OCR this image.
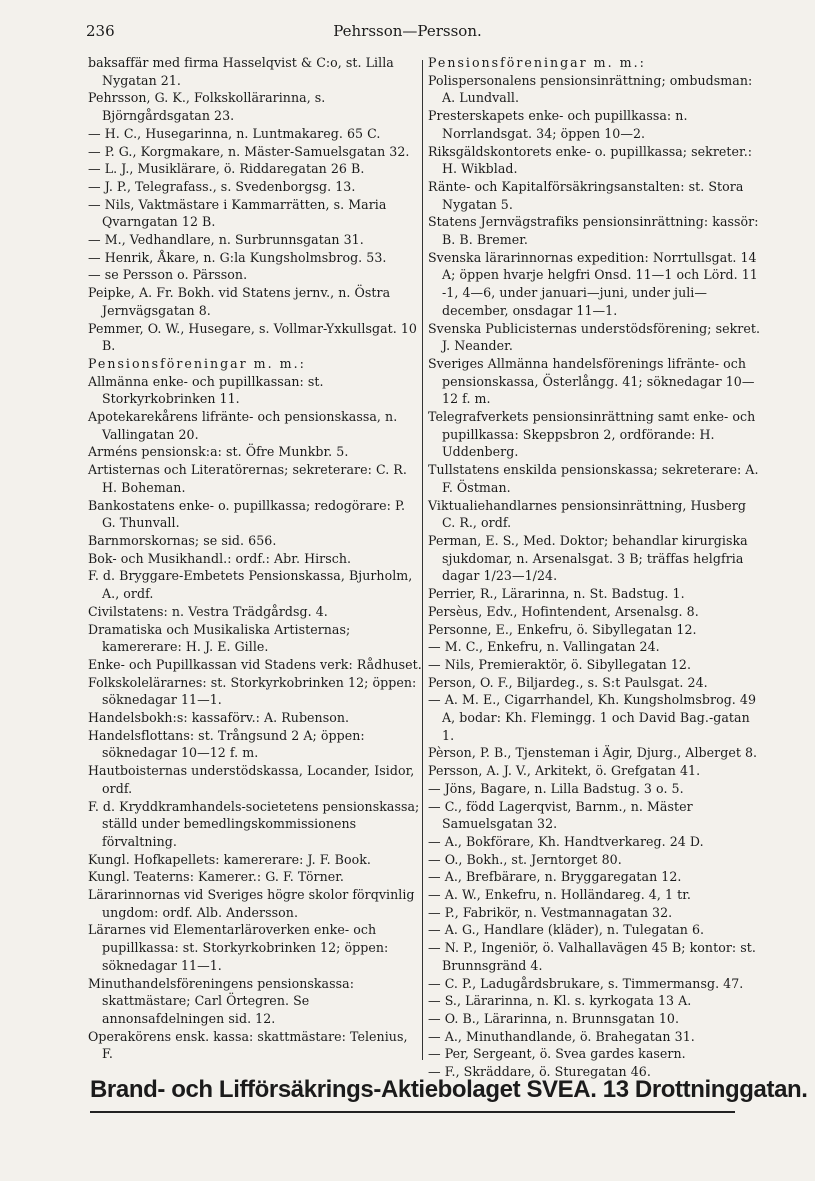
Pehrsson—Persson.
236
baksaffär med firma Hasselqvist & C:o, st. Lilla Nygatan 21.
Pehrsson, G. K., Folkskollärarinna, s. Björngårdsgatan 23.
— H. C., Husegarinna, n. Luntmakareg. 65 C.
— P. G., Korgmakare, n. Mäster-Samuelsgatan 32.
— L. J., Musiklärare, ö. Riddaregatan 26 B.
— J. P., Telegrafass., s. Svedenborgsg. 13.
— Nils, Vaktmästare i Kammarrätten, s. Maria Qvarngatan 12 B.
— M., Vedhandlare, n. Surbrunnsgatan 31.
— Henrik, Åkare, n. G:la Kungsholmsbrog. 53.
— se Persson o. Pärsson.
Peipke, A. Fr. Bokh. vid Statens jernv., n. Östra Jernvägsgatan 8.
Pemmer, O. W., Husegare, s. Vollmar-Yxkullsgat. 10 B.
Pensionsföreningar m. m.:
Allmänna enke- och pupillkassan: st. Storkyrkobrinken 11.
Apotekarekårens lifränte- och pensionskassa, n. Vallingatan 20.
Arméns pensionsk:a: st. Öfre Munkbr. 5.
Artisternas och Literatörernas; sekreterare: C. R. H. Boheman.
Bankostatens enke- o. pupillkassa; redogörare: P. G. Thunvall.
Barnmorskornas; se sid. 656.
Bok- och Musikhandl.: ordf.: Abr. Hirsch.
F. d. Bryggare-Embetets Pensionskassa, Bjurholm, A., ordf.
Civilstatens: n. Vestra Trädgårdsg. 4.
Dramatiska och Musikaliska Artisternas; kamererare: H. J. E. Gille.
Enke- och Pupillkassan vid Stadens verk: Rådhuset.
Folkskolelärarnes: st. Storkyrkobrinken 12; öppen: söknedagar 11—1.
Handelsbokh:s: kassaförv.: A. Rubenson.
Handelsflottans: st. Trångsund 2 A; öppen: söknedagar 10—12 f. m.
Hautboisternas understödskassa, Locander, Isidor, ordf.
F. d. Kryddkramhandels-societetens pensionskassa; ställd under bemedlingskommissionens förvaltning.
Kungl. Hofkapellets: kamererare: J. F. Book.
Kungl. Teaterns: Kamerer.: G. F. Törner.
Lärarinnornas vid Sveriges högre skolor förqvinlig ungdom: ordf. Alb. Andersson.
Lärarnes vid Elementarläroverken enke- och pupillkassa: st. Storkyrkobrinken 12; öppen: söknedagar 11—1.
Minuthandelsföreningens pensionskassa: skattmästare; Carl Örtegren. Se annonsafdelningen sid. 12.
Operakörens ensk. kassa: skattmästare: Telenius, F.
Pensionsföreningar m. m.:
Polispersonalens pensionsinrättning; ombudsman: A. Lundvall.
Presterskapets enke- och pupillkassa: n. Norrlandsgat. 34; öppen 10—2.
Riksgäldskontorets enke- o. pupillkassa; sekreter.: H. Wikblad.
Ränte- och Kapitalförsäkringsanstalten: st. Stora Nygatan 5.
Statens Jernvägstrafiks pensionsinrättning: kassör: B. B. Bremer.
Svenska lärarinnornas expedition: Norrtullsgat. 14 A; öppen hvarje helgfri Onsd. 11—1 och Lörd. 11 -1, 4—6, under januari—juni, under juli—december, onsdagar 11—1.
Svenska Publicisternas understödsförening; sekret. J. Neander.
Sveriges Allmänna handelsförenings lifränte- och pensionskassa, Österlångg. 41; söknedagar 10—12 f. m.
Telegrafverkets pensionsinrättning samt enke- och pupillkassa: Skeppsbron 2, ordförande: H. Uddenberg.
Tullstatens enskilda pensionskassa; sekreterare: A. F. Östman.
Viktualiehandlarnes pensionsinrättning, Husberg C. R., ordf.
Perman, E. S., Med. Doktor; behandlar kirurgiska sjukdomar, n. Arsenalsgat. 3 B; träffas helgfria dagar 1/23—1/24.
Perrier, R., Lärarinna, n. St. Badstug. 1.
Persèus, Edv., Hofintendent, Arsenalsg. 8.
Personne, E., Enkefru, ö. Sibyllegatan 12.
— M. C., Enkefru, n. Vallingatan 24.
— Nils, Premieraktör, ö. Sibyllegatan 12.
Person, O. F., Biljardeg., s. S:t Paulsgat. 24.
— A. M. E., Cigarrhandel, Kh. Kungsholmsbrog. 49 A, bodar: Kh. Flemingg. 1 och David Bag.-gatan 1.
Pèrson, P. B., Tjensteman i Ägir, Djurg., Alberget 8.
Persson, A. J. V., Arkitekt, ö. Grefgatan 41.
— Jöns, Bagare, n. Lilla Badstug. 3 o. 5.
— C., född Lagerqvist, Barnm., n. Mäster Samuelsgatan 32.
— A., Bokförare, Kh. Handtverkareg. 24 D.
— O., Bokh., st. Jerntorget 80.
— A., Brefbärare, n. Bryggaregatan 12.
— A. W., Enkefru, n. Holländareg. 4, 1 tr.
— P., Fabrikör, n. Vestmannagatan 32.
— A. G., Handlare (kläder), n. Tulegatan 6.
— N. P., Ingeniör, ö. Valhallavägen 45 B; kontor: st. Brunnsgränd 4.
— C. P., Ladugårdsbrukare, s. Timmermansg. 47.
— S., Lärarinna, n. Kl. s. kyrkogata 13 A.
— O. B., Lärarinna, n. Brunnsgatan 10.
— A., Minuthandlande, ö. Brahegatan 31.
— Per, Sergeant, ö. Svea gardes kasern.
— F., Skräddare, ö. Sturegatan 46.
Brand- och Lifförsäkrings-Aktiebolaget SVEA. 13 Drottninggatan.
